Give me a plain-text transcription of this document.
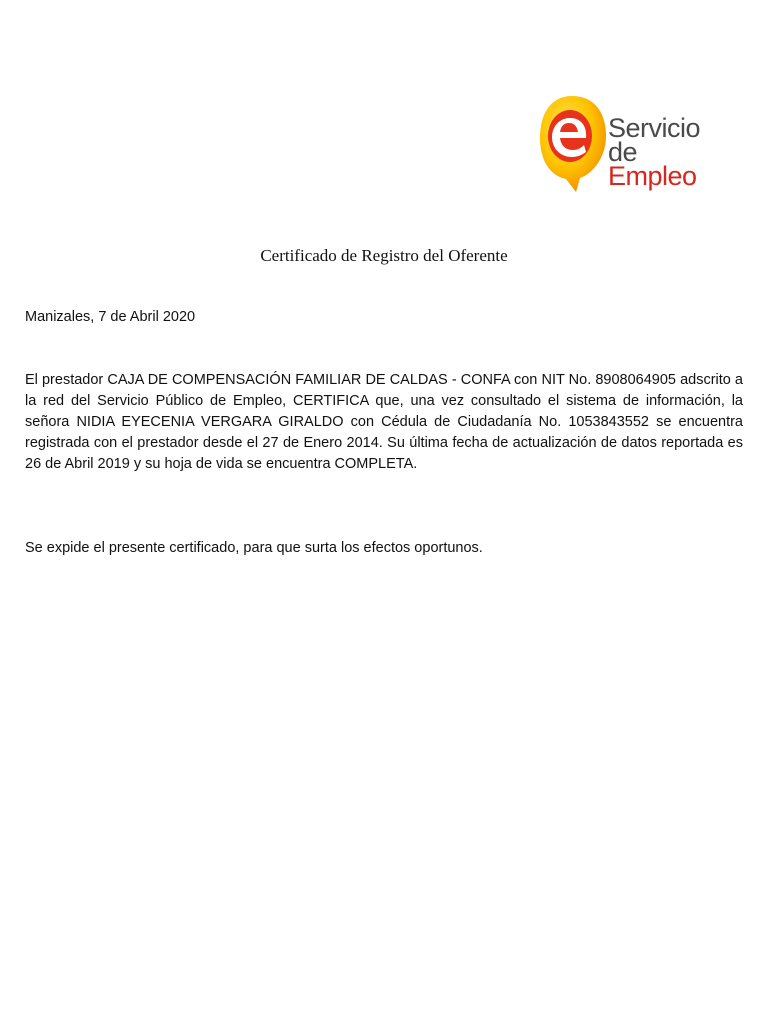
Servicio
de Empleo
Certificado de Registro del Oferente
Manizales, 7 de Abril 2020
El prestador CAJA DE COMPENSACIÓN FAMILIAR DE CALDAS - CONFA con NIT No. 8908064905 adscrito a la red del Servicio Público de Empleo, CERTIFICA que, una vez consultado el sistema de información, la señora NIDIA EYECENIA VERGARA GIRALDO con Cédula de Ciudadanía No. 1053843552 se encuentra registrada con el prestador desde el 27 de Enero 2014. Su última fecha de actualización de datos reportada es 26 de Abril 2019 y su hoja de vida se encuentra COMPLETA.
Se expide el presente certificado, para que surta los efectos oportunos.
